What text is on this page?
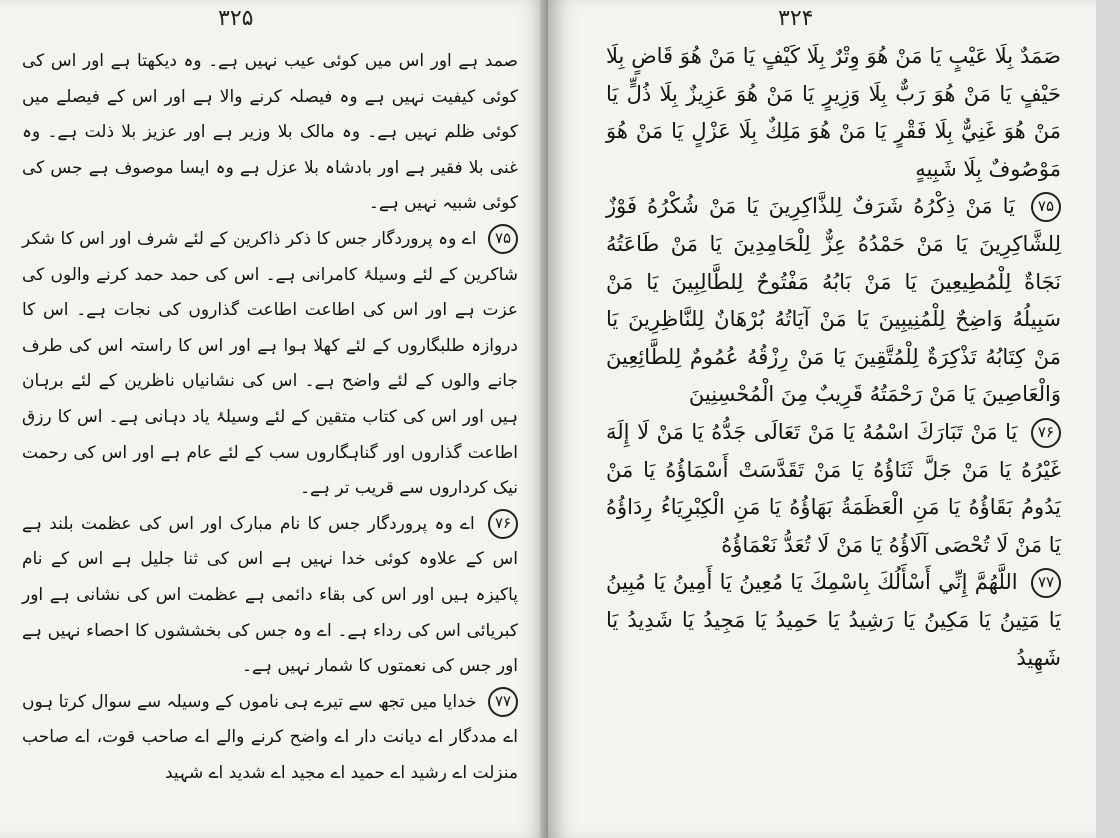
۳۲۵

صمد ہے اور اس میں کوئی عیب نہیں ہے۔ وہ دیکھتا ہے اور اس کی کوئی کیفیت نہیں ہے وہ فیصلہ کرنے والا ہے اور اس کے فیصلے میں کوئی ظلم نہیں ہے۔ وہ مالک بلا وزیر ہے اور عزیز بلا ذلت ہے۔ وہ غنی بلا فقیر ہے اور بادشاہ بلا عزل ہے وہ ایسا موصوف ہے جس کی کوئی شبیہ نہیں ہے۔

۷۵ اے وہ پروردگار جس کا ذکر ذاکرین کے لئے شرف اور اس کا شکر شاکرین کے لئے وسیلۂ کامرانی ہے۔ اس کی حمد حمد کرنے والوں کی عزت ہے اور اس کی اطاعت اطاعت گذاروں کی نجات ہے۔ اس کا دروازہ طلبگاروں کے لئے کھلا ہوا ہے اور اس کا راستہ اس کی طرف جانے والوں کے لئے واضح ہے۔ اس کی نشانیاں ناظرین کے لئے برہان ہیں اور اس کی کتاب متقین کے لئے وسیلۂ یاد دہانی ہے۔ اس کا رزق اطاعت گذاروں اور گناہگاروں سب کے لئے عام ہے اور اس کی رحمت نیک کرداروں سے قریب تر ہے۔

۷۶ اے وہ پروردگار جس کا نام مبارک اور اس کی عظمت بلند ہے اس کے علاوہ کوئی خدا نہیں ہے اس کی ثنا جلیل ہے اس کے نام پاکیزہ ہیں اور اس کی بقاء دائمی ہے عظمت اس کی نشانی ہے اور کبریائی اس کی رداء ہے۔ اے وہ جس کی بخششوں کا احصاء نہیں ہے اور جس کی نعمتوں کا شمار نہیں ہے۔

۷۷ خدایا میں تجھ سے تیرے ہی ناموں کے وسیلہ سے سوال کرتا ہوں اے مددگار اے دیانت دار اے واضح کرنے والے اے صاحب قوت، اے صاحب منزلت اے رشید اے حمید اے مجید اے شدید اے شہید

۳۲۴

صَمَدٌ بِلَا عَيْبٍ يَا مَنْ هُوَ وِتْرٌ بِلَا كَيْفٍ يَا مَنْ هُوَ قَاضٍ بِلَا حَيْفٍ يَا مَنْ هُوَ رَبٌّ بِلَا وَزِيرٍ يَا مَنْ هُوَ عَزِيزٌ بِلَا ذُلٍّ يَا مَنْ هُوَ غَنِيٌّ بِلَا فَقْرٍ يَا مَنْ هُوَ مَلِكٌ بِلَا عَزْلٍ يَا مَنْ هُوَ مَوْصُوفٌ بِلَا شَبِيهٍ

۷۵ يَا مَنْ ذِكْرُهُ شَرَفٌ لِلذَّاكِرِينَ يَا مَنْ شُكْرُهُ فَوْزٌ لِلشَّاكِرِينَ يَا مَنْ حَمْدُهُ عِزٌّ لِلْحَامِدِينَ يَا مَنْ طَاعَتُهُ نَجَاةٌ لِلْمُطِيعِينَ يَا مَنْ بَابُهُ مَفْتُوحٌ لِلطَّالِبِينَ يَا مَنْ سَبِيلُهُ وَاضِحٌ لِلْمُنِيبِينَ يَا مَنْ آيَاتُهُ بُرْهَانٌ لِلنَّاظِرِينَ يَا مَنْ كِتَابُهُ تَذْكِرَةٌ لِلْمُتَّقِينَ يَا مَنْ رِزْقُهُ عُمُومٌ لِلطَّائِعِينَ وَالْعَاصِينَ يَا مَنْ رَحْمَتُهُ قَرِيبٌ مِنَ الْمُحْسِنِينَ

۷۶ يَا مَنْ تَبَارَكَ اسْمُهُ يَا مَنْ تَعَالَى جَدُّهُ يَا مَنْ لَا إِلَهَ غَيْرُهُ يَا مَنْ جَلَّ ثَنَاؤُهُ يَا مَنْ تَقَدَّسَتْ أَسْمَاؤُهُ يَا مَنْ يَدُومُ بَقَاؤُهُ يَا مَنِ الْعَظَمَةُ بَهَاؤُهُ يَا مَنِ الْكِبْرِيَاءُ رِدَاؤُهُ يَا مَنْ لَا تُحْصَى آلَاؤُهُ يَا مَنْ لَا تُعَدُّ نَعْمَاؤُهُ

۷۷ اللَّهُمَّ إِنِّي أَسْأَلُكَ بِاسْمِكَ يَا مُعِينُ يَا أَمِينُ يَا مُبِينُ يَا مَتِينُ يَا مَكِينُ يَا رَشِيدُ يَا حَمِيدُ يَا مَجِيدُ يَا شَدِيدُ يَا شَهِيدُ
